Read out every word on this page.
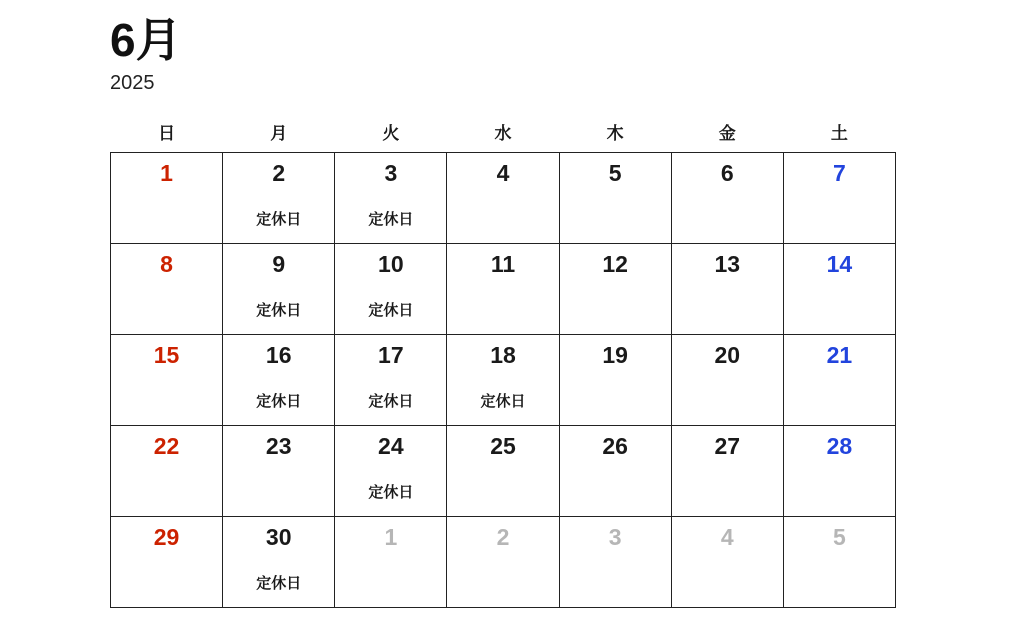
6月
2025
日	月	火	水	木	金	土
1	2	3	4	5	6	7
	定休日	定休日				
8	9	10	11	12	13	14
	定休日	定休日				
15	16	17	18	19	20	21
	定休日	定休日	定休日			
22	23	24	25	26	27	28
		定休日				
29	30	1	2	3	4	5
	定休日					
